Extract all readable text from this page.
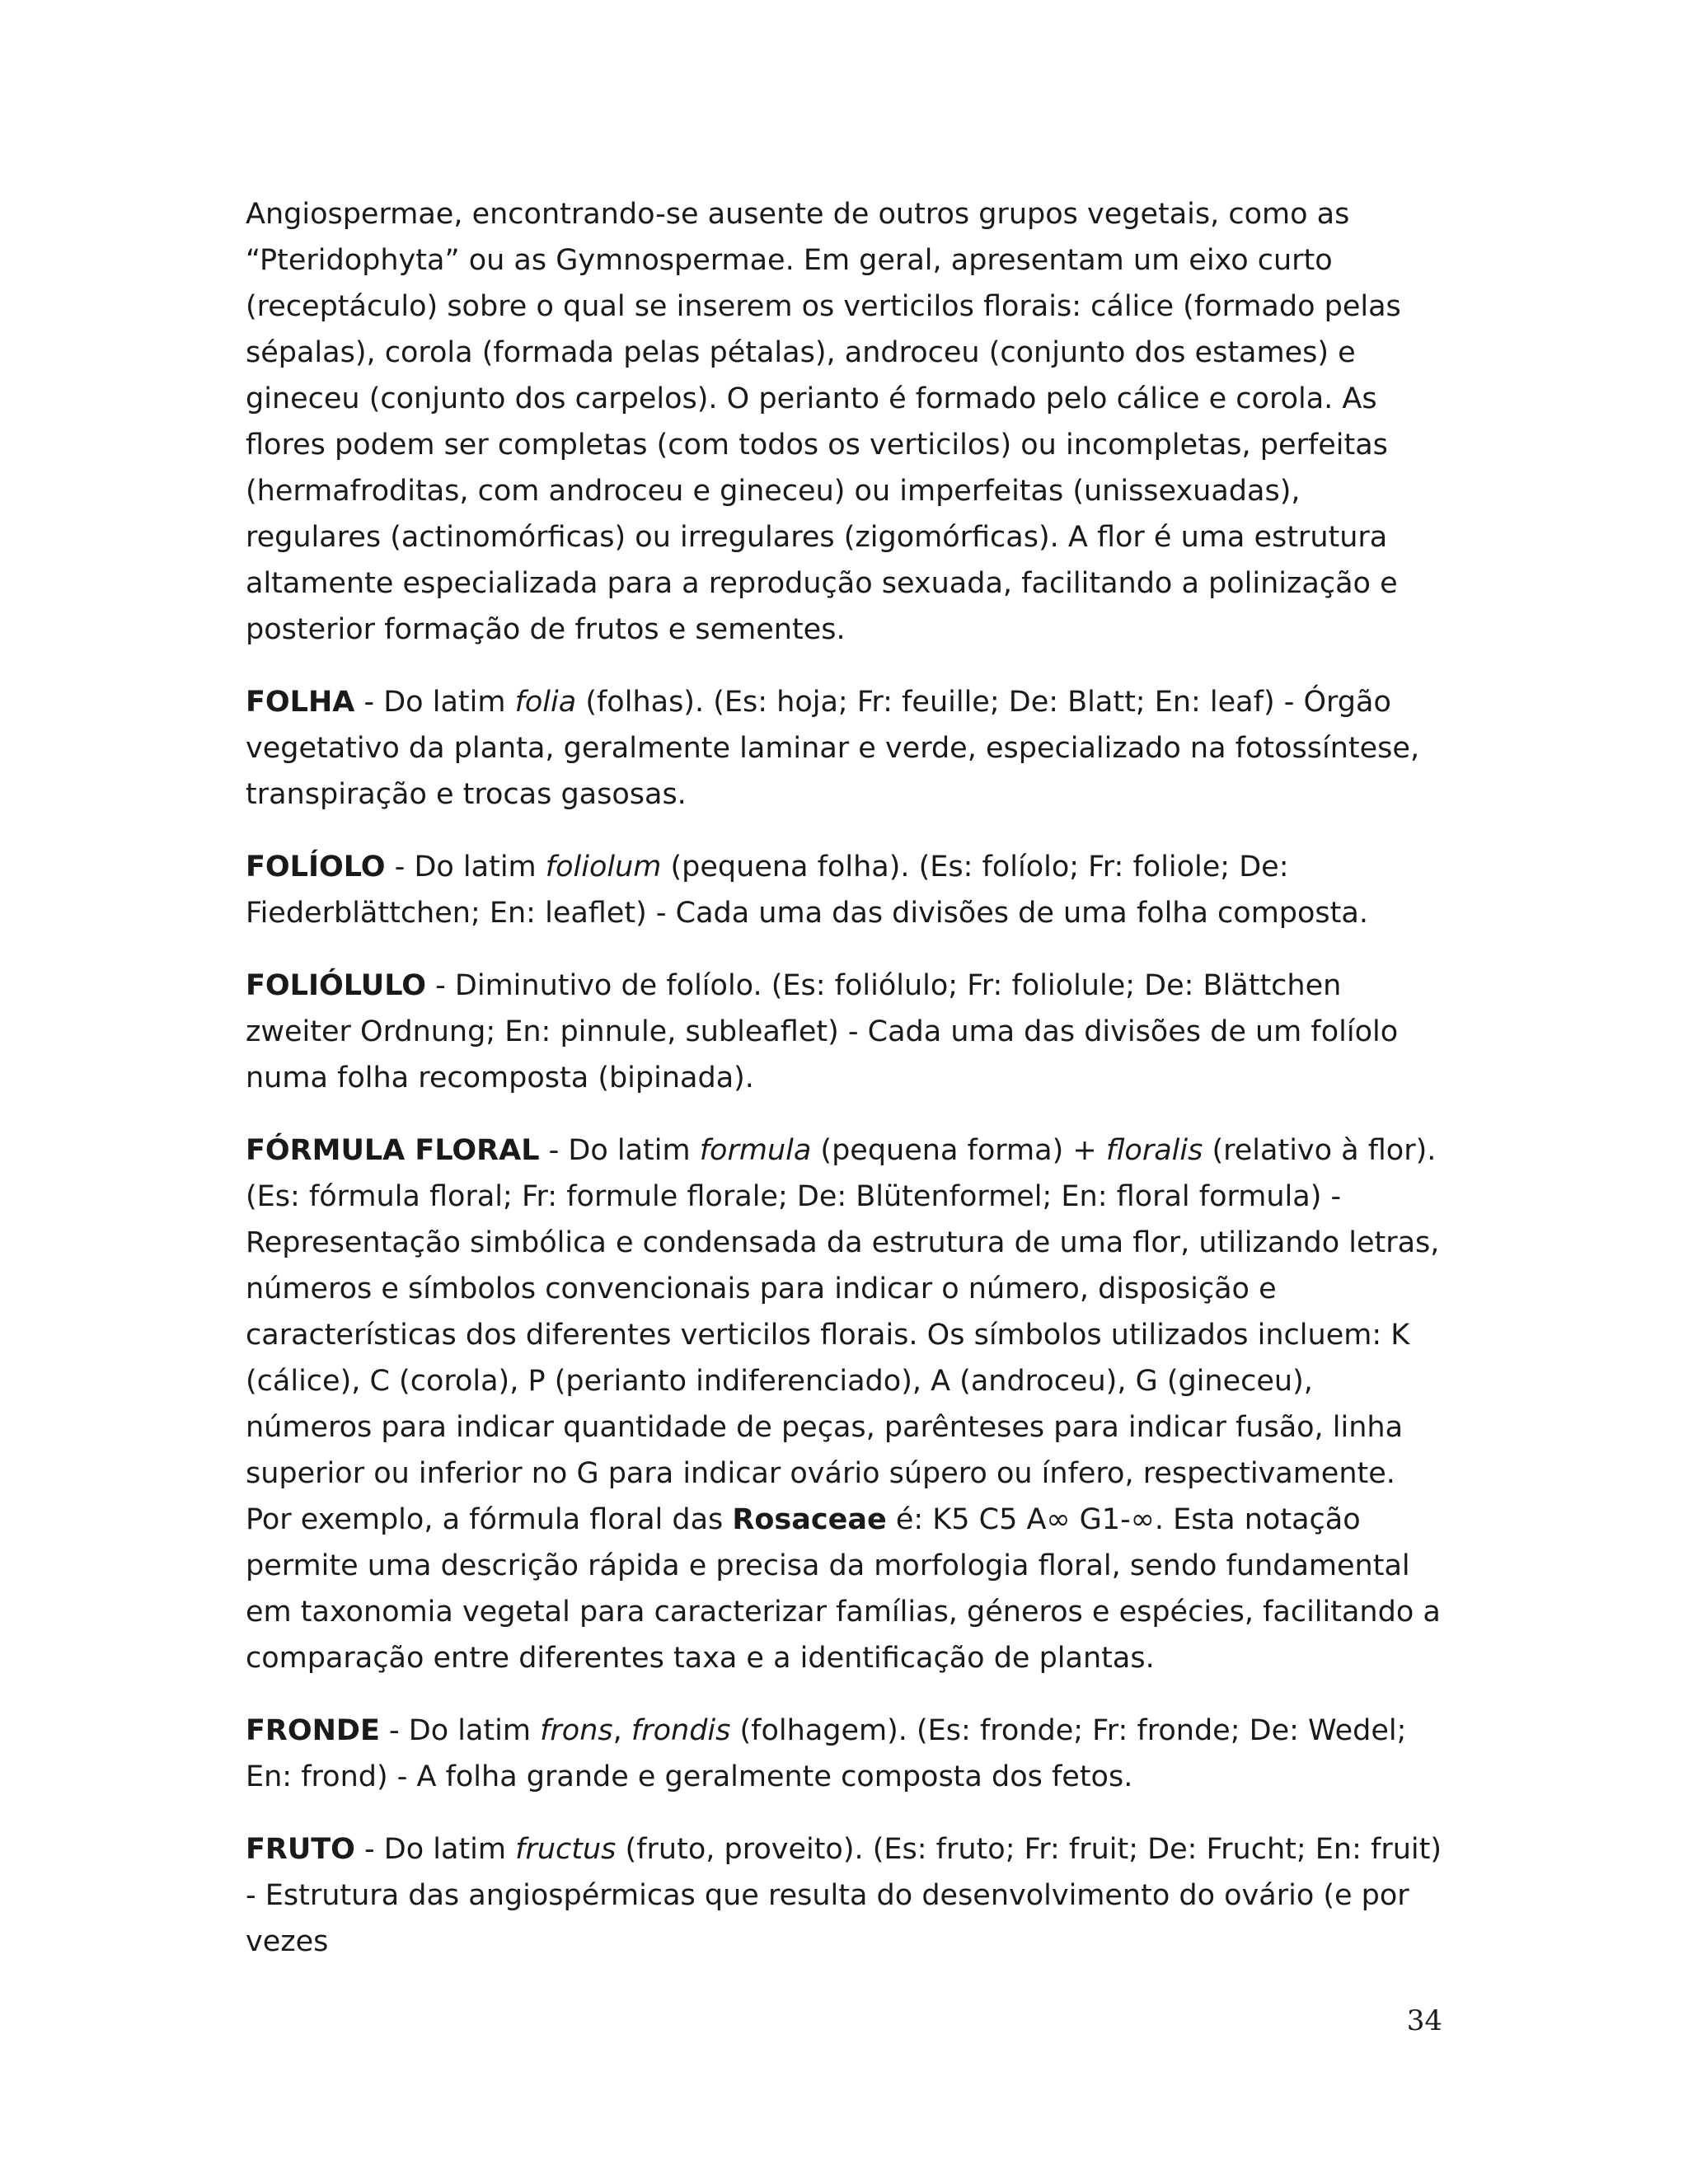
Angiospermae, encontrando-se ausente de outros grupos vegetais, como as “Pteridophyta” ou as Gymnospermae. Em geral, apresentam um eixo curto (receptáculo) sobre o qual se inserem os verticilos florais: cálice (formado pelas sépalas), corola (formada pelas pétalas), androceu (conjunto dos estames) e gineceu (conjunto dos carpelos). O perianto é formado pelo cálice e corola. As flores podem ser completas (com todos os verticilos) ou incompletas, perfeitas (hermafroditas, com androceu e gineceu) ou imperfeitas (unissexuadas), regulares (actinomórficas) ou irregulares (zigomórficas). A flor é uma estrutura altamente especializada para a reprodução sexuada, facilitando a polinização e posterior formação de frutos e sementes.

FOLHA - Do latim folia (folhas). (Es: hoja; Fr: feuille; De: Blatt; En: leaf) - Órgão vegetativo da planta, geralmente laminar e verde, especializado na fotossíntese, transpiração e trocas gasosas.

FOLÍOLO - Do latim foliolum (pequena folha). (Es: folíolo; Fr: foliole; De: Fiederblättchen; En: leaflet) - Cada uma das divisões de uma folha composta.

FOLIÓLULO - Diminutivo de folíolo. (Es: foliólulo; Fr: foliolule; De: Blättchen zweiter Ordnung; En: pinnule, subleaflet) - Cada uma das divisões de um folíolo numa folha recomposta (bipinada).

FÓRMULA FLORAL - Do latim formula (pequena forma) + floralis (relativo à flor). (Es: fórmula floral; Fr: formule florale; De: Blütenformel; En: floral formula) - Representação simbólica e condensada da estrutura de uma flor, utilizando letras, números e símbolos convencionais para indicar o número, disposição e características dos diferentes verticilos florais. Os símbolos utilizados incluem: K (cálice), C (corola), P (perianto indiferenciado), A (androceu), G (gineceu), números para indicar quantidade de peças, parênteses para indicar fusão, linha superior ou inferior no G para indicar ovário súpero ou ínfero, respectivamente. Por exemplo, a fórmula floral das Rosaceae é: K5 C5 A∞ G1-∞. Esta notação permite uma descrição rápida e precisa da morfologia floral, sendo fundamental em taxonomia vegetal para caracterizar famílias, géneros e espécies, facilitando a comparação entre diferentes taxa e a identificação de plantas.

FRONDE - Do latim frons, frondis (folhagem). (Es: fronde; Fr: fronde; De: Wedel; En: frond) - A folha grande e geralmente composta dos fetos.

FRUTO - Do latim fructus (fruto, proveito). (Es: fruto; Fr: fruit; De: Frucht; En: fruit) - Estrutura das angiospérmicas que resulta do desenvolvimento do ovário (e por vezes

34
